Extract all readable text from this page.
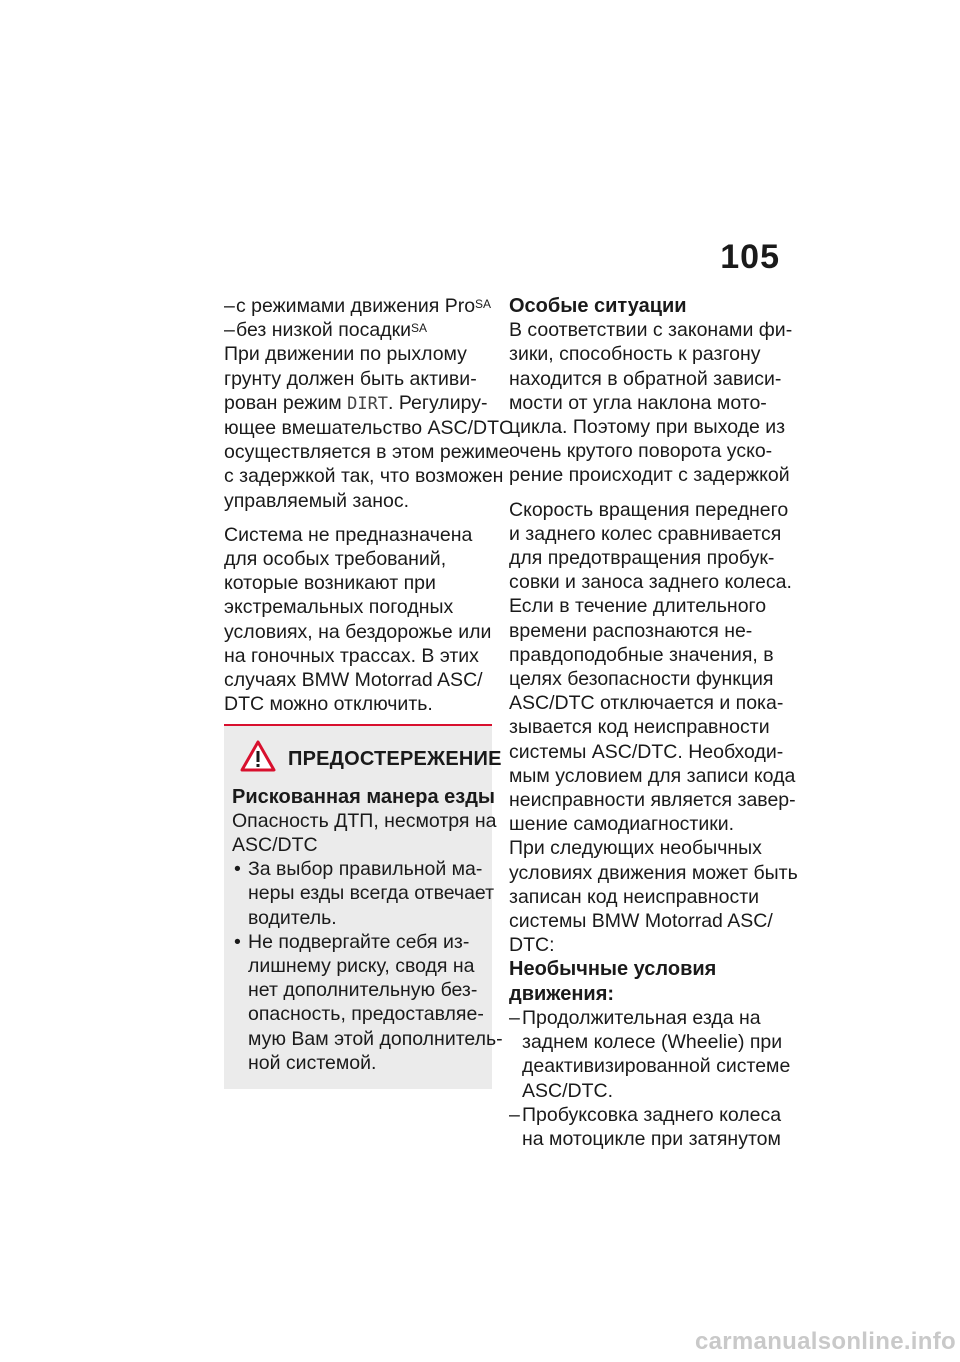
105
– с режимами движения Pro$^{SA}$
– без низкой посадки$^{SA}$
При движении по рыхлому
грунту должен быть активи-
рован режим DIRT. Регулиру-
ющее вмешательство ASC/DTC
осуществляется в этом режиме
с задержкой так, что возможен
управляемый занос.
Система не предназначена
для особых требований,
которые возникают при
экстремальных погодных
условиях, на бездорожье или
на гоночных трассах. В этих
случаях BMW Motorrad ASC/
DTC можно отключить.
ПРЕДОСТЕРЕЖЕНИЕ
Рискованная манера езды
Опасность ДТП, несмотря на
ASC/DTC
• За выбор правильной ма-
неры езды всегда отвечает
водитель.
• Не подвергайте себя из-
лишнему риску, сводя на
нет дополнительную без-
опасность, предоставляе-
мую Вам этой дополнитель-
ной системой.
Особые ситуации
В соответствии с законами фи-
зики, способность к разгону
находится в обратной зависи-
мости от угла наклона мото-
цикла. Поэтому при выходе из
очень крутого поворота уско-
рение происходит с задержкой
Скорость вращения переднего
и заднего колес сравнивается
для предотвращения пробук-
совки и заноса заднего колеса.
Если в течение длительного
времени распознаются не-
правдоподобные значения, в
целях безопасности функция
ASC/DTC отключается и пока-
зывается код неисправности
системы ASC/DTC. Необходи-
мым условием для записи кода
неисправности является завер-
шение самодиагностики.
При следующих необычных
условиях движения может быть
записан код неисправности
системы BMW Motorrad ASC/
DTC:
Необычные условия
движения:
– Продолжительная езда на
заднем колесе (Wheelie) при
деактивизированной системе
ASC/DTC.
– Пробуксовка заднего колеса
на мотоцикле при затянутом
carmanualsonline.info
